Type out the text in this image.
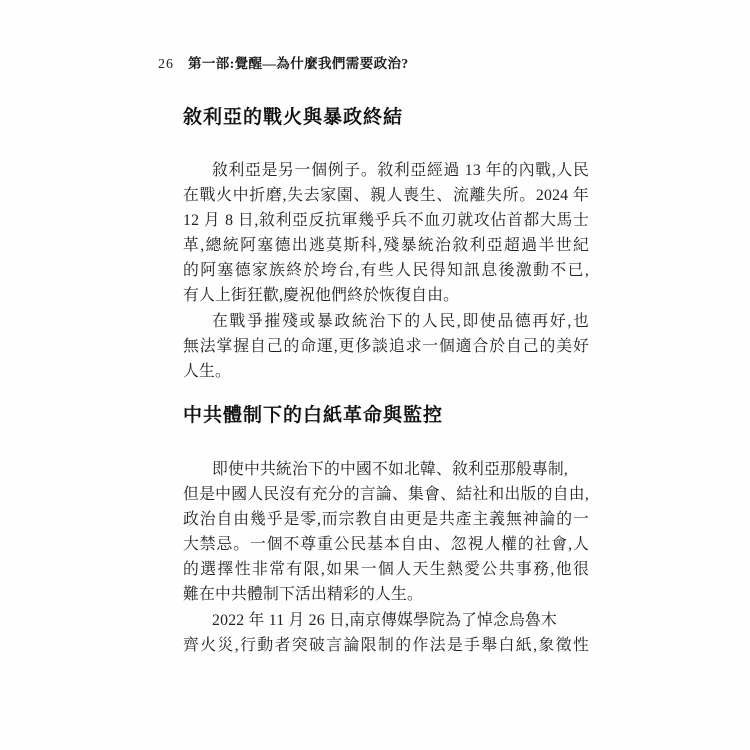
26 第一部:覺醒—為什麼我們需要政治?
敘利亞的戰火與暴政終結

敘利亞是另一個例子。敘利亞經過 13 年的內戰,人民
在戰火中折磨,失去家園、親人喪生、流離失所。2024 年
12 月 8 日,敘利亞反抗軍幾乎兵不血刃就攻佔首都大馬士
革,總統阿塞德出逃莫斯科,殘暴統治敘利亞超過半世紀
的阿塞德家族終於垮台,有些人民得知訊息後激動不已,
有人上街狂歡,慶祝他們終於恢復自由。

在戰爭摧殘或暴政統治下的人民,即使品德再好,也
無法掌握自己的命運,更侈談追求一個適合於自己的美好
人生。

中共體制下的白紙革命與監控

即使中共統治下的中國不如北韓、敘利亞那般專制,
但是中國人民沒有充分的言論、集會、結社和出版的自由,
政治自由幾乎是零,而宗教自由更是共產主義無神論的一
大禁忌。一個不尊重公民基本自由、忽視人權的社會,人
的選擇性非常有限,如果一個人天生熱愛公共事務,他很
難在中共體制下活出精彩的人生。

2022 年 11 月 26 日,南京傳媒學院為了悼念烏魯木
齊火災,行動者突破言論限制的作法是手舉白紙,象徵性
